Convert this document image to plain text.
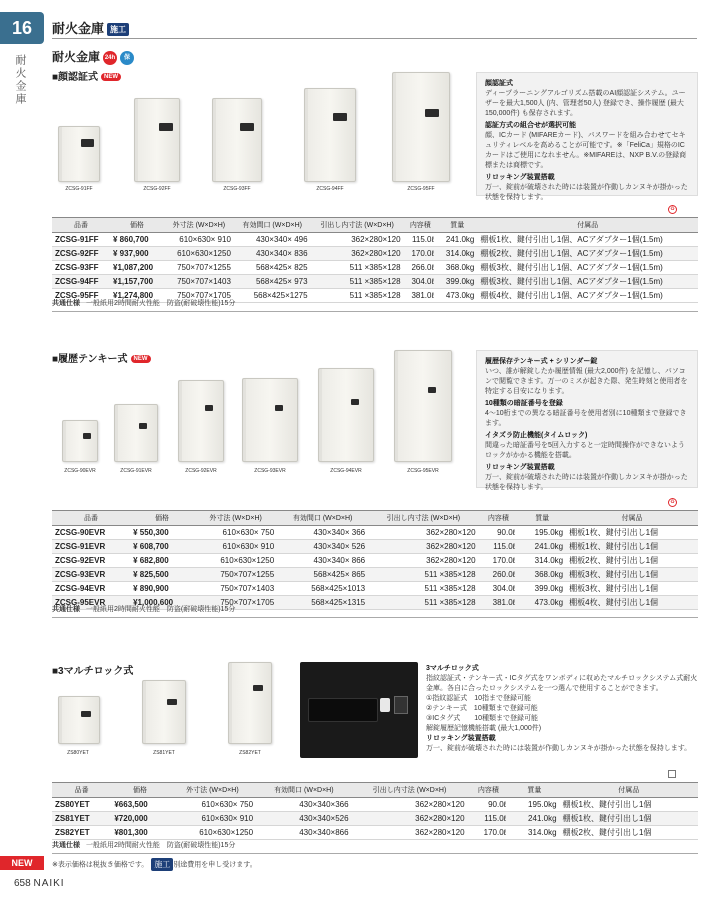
16
耐火金庫
耐火金庫 施工
耐火金庫 24h 保
■顔認証式 NEW
ZCSG-91FF	ZCSG-92FF	ZCSG-93FF	ZCSG-94FF	ZCSG-95FF
顔認証式
ディープラーニングアルゴリズム搭載のAI顔認証システム。ユーザーを最大1,500人 (内、管理者50人) 登録でき、操作履歴 (最大150,000件) も保存されます。
認証方式の組合せが選択可能
顔、ICカード (MIFAREカード)、パスワードを組み合わせてセキュリティレベルを高めることが可能です。※「FeliCa」規格のICカードはご使用になれません。※MIFAREは、NXP B.V.の登録商標または商標です。
リロッキング装置搭載
万一、錠前が破壊された時には装置が作動しカンヌキが掛かった状態を保持します。
♻
品番	価格	外寸法 (W×D×H)	有効間口 (W×D×H)	引出し内寸法 (W×D×H)	内容積	質量	付属品
ZCSG-91FF	¥ 860,700	610×630× 910	430×340× 496	362×280×120	115.0ℓ	241.0kg	棚板1枚、鍵付引出し1個、ACアダプター1個(1.5m)
ZCSG-92FF	¥ 937,900	610×630×1250	430×340× 836	362×280×120	170.0ℓ	314.0kg	棚板2枚、鍵付引出し1個、ACアダプター1個(1.5m)
ZCSG-93FF	¥1,087,200	750×707×1255	568×425× 825	511 ×385×128	266.0ℓ	368.0kg	棚板3枚、鍵付引出し1個、ACアダプター1個(1.5m)
ZCSG-94FF	¥1,157,700	750×707×1403	568×425× 973	511 ×385×128	304.0ℓ	399.0kg	棚板3枚、鍵付引出し1個、ACアダプター1個(1.5m)
ZCSG-95FF	¥1,274,800	750×707×1705	568×425×1275	511 ×385×128	381.0ℓ	473.0kg	棚板4枚、鍵付引出し1個、ACアダプター1個(1.5m)
共通仕様 一般紙用2時間耐火性能　防盗(耐破壊性能)15分
■履歴テンキー式 NEW
ZCSG-90EVR	ZCSG-91EVR	ZCSG-92EVR	ZCSG-93EVR	ZCSG-94EVR	ZCSG-95EVR
履歴保存テンキー式 + シリンダー錠
いつ、誰が解錠したか履歴情報 (最大2,000件) を記憶し、パソコンで閲覧できます。万一のミスが起きた際、発生時刻と使用者を特定する目安になります。
10種類の暗証番号を登録
4～10桁までの異なる暗証番号を使用者別に10種類まで登録できます。
イタズラ防止機能(タイムロック)
間違った暗証番号を5回入力すると一定時間操作ができないようロックがかかる機能を搭載。
リロッキング装置搭載
万一、錠前が破壊された時には装置が作動しカンヌキが掛かった状態を保持します。
♻
品番	価格	外寸法 (W×D×H)	有効間口 (W×D×H)	引出し内寸法 (W×D×H)	内容積	質量	付属品
ZCSG-90EVR	¥ 550,300	610×630× 750	430×340× 366	362×280×120	90.0ℓ	195.0kg	棚板1枚、鍵付引出し1個
ZCSG-91EVR	¥ 608,700	610×630× 910	430×340× 526	362×280×120	115.0ℓ	241.0kg	棚板1枚、鍵付引出し1個
ZCSG-92EVR	¥ 682,800	610×630×1250	430×340× 866	362×280×120	170.0ℓ	314.0kg	棚板2枚、鍵付引出し1個
ZCSG-93EVR	¥ 825,500	750×707×1255	568×425× 865	511 ×385×128	260.0ℓ	368.0kg	棚板3枚、鍵付引出し1個
ZCSG-94EVR	¥ 890,900	750×707×1403	568×425×1013	511 ×385×128	304.0ℓ	399.0kg	棚板3枚、鍵付引出し1個
ZCSG-95EVR	¥1,000,600	750×707×1705	568×425×1315	511 ×385×128	381.0ℓ	473.0kg	棚板4枚、鍵付引出し1個
共通仕様 一般紙用2時間耐火性能　防盗(耐破壊性能)15分
■3マルチロック式
ZS80YET	ZS81YET	ZS82YET
3マルチロック式
指紋認証式・テンキー式・ICタグ式をワンボディに収めたマルチロックシステム式耐火金庫。各自に合ったロックシステムを一つ選んで使用することができます。
①指紋認証式　10指まで登録可能
②テンキー式　10種類まで登録可能
③ICタグ式　　10種類まで登録可能
解錠履歴記憶機能搭載 (最大1,000件)
リロッキング装置搭載
万一、錠前が破壊された時には装置が作動しカンヌキが掛かった状態を保持します。
品番	価格	外寸法 (W×D×H)	有効間口 (W×D×H)	引出し内寸法 (W×D×H)	内容積	質量	付属品
ZS80YET	¥663,500	610×630× 750	430×340×366	362×280×120	90.0ℓ	195.0kg	棚板1枚、鍵付引出し1個
ZS81YET	¥720,000	610×630× 910	430×340×526	362×280×120	115.0ℓ	241.0kg	棚板1枚、鍵付引出し1個
ZS82YET	¥801,300	610×630×1250	430×340×866	362×280×120	170.0ℓ	314.0kg	棚板2枚、鍵付引出し1個
共通仕様 一般紙用2時間耐火性能　防盗(耐破壊性能)15分
NEW	※表示価格は税抜き価格です。 施工 別途費用を申し受けます。
658 NAIKI
